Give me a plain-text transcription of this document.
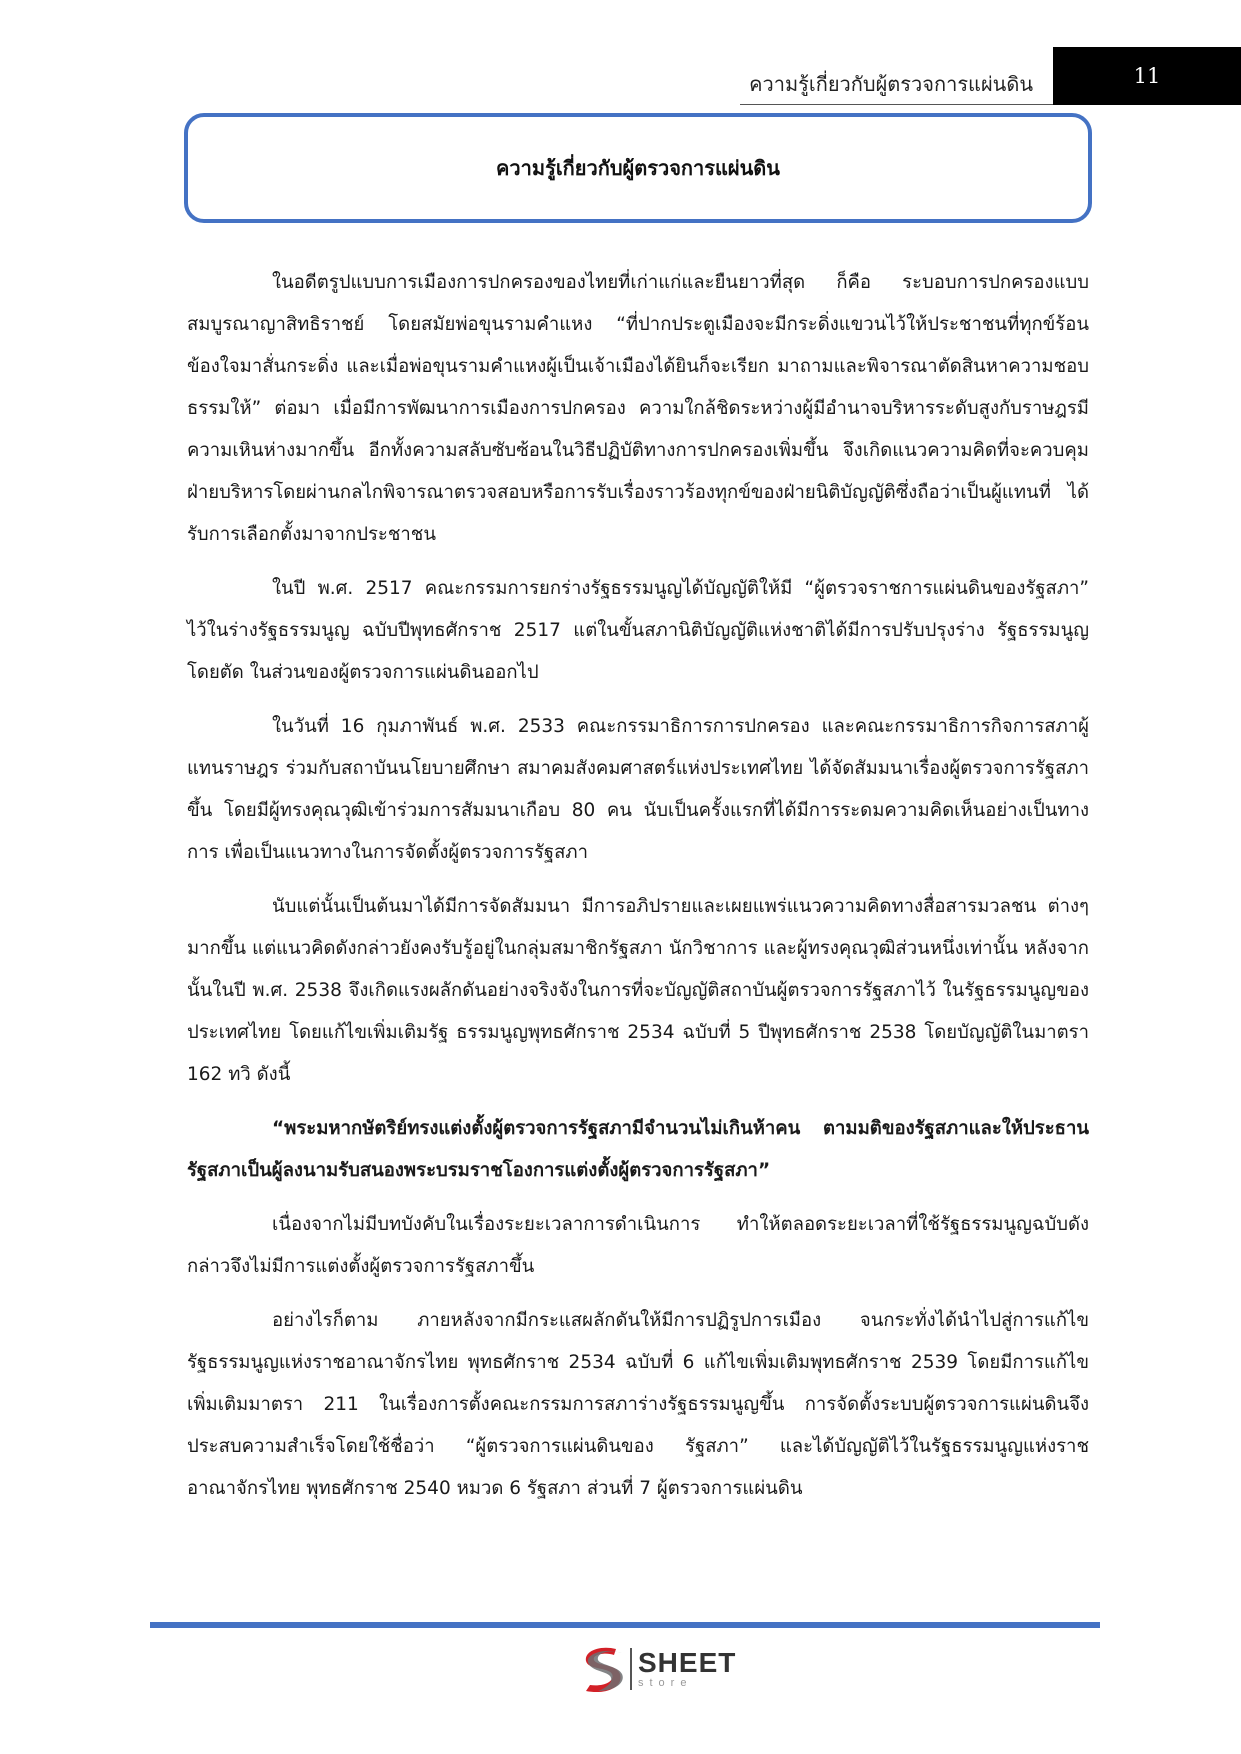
ความรู้เกี่ยวกับผู้ตรวจการแผ่นดิน	11
ความรู้เกี่ยวกับผู้ตรวจการแผ่นดิน

ในอดีตรูปแบบการเมืองการปกครองของไทยที่เก่าแก่และยืนยาวที่สุด ก็คือ ระบอบการปกครองแบบสมบูรณาญาสิทธิราชย์ โดยสมัยพ่อขุนรามคำแหง “ที่ปากประตูเมืองจะมีกระดิ่งแขวนไว้ให้ประชาชนที่ทุกข์ร้อนข้องใจมาสั่นกระดิ่ง และเมื่อพ่อขุนรามคำแหงผู้เป็นเจ้าเมืองได้ยินก็จะเรียก มาถามและพิจารณาตัดสินหาความชอบธรรมให้” ต่อมา เมื่อมีการพัฒนาการเมืองการปกครอง ความใกล้ชิดระหว่างผู้มีอำนาจบริหารระดับสูงกับราษฎรมีความเหินห่างมากขึ้น อีกทั้งความสลับซับซ้อนในวิธีปฏิบัติทางการปกครองเพิ่มขึ้น จึงเกิดแนวความคิดที่จะควบคุมฝ่ายบริหารโดยผ่านกลไกพิจารณาตรวจสอบหรือการรับเรื่องราวร้องทุกข์ของฝ่ายนิติบัญญัติซึ่งถือว่าเป็นผู้แทนที่ ได้รับการเลือกตั้งมาจากประชาชน

ในปี พ.ศ. 2517 คณะกรรมการยกร่างรัฐธรรมนูญได้บัญญัติให้มี “ผู้ตรวจราชการแผ่นดินของรัฐสภา” ไว้ในร่างรัฐธรรมนูญ ฉบับปีพุทธศักราช 2517 แต่ในขั้นสภานิติบัญญัติแห่งชาติได้มีการปรับปรุงร่าง รัฐธรรมนูญโดยตัด ในส่วนของผู้ตรวจการแผ่นดินออกไป

ในวันที่ 16 กุมภาพันธ์ พ.ศ. 2533 คณะกรรมาธิการการปกครอง และคณะกรรมาธิการกิจการสภาผู้แทนราษฎร ร่วมกับสถาบันนโยบายศึกษา สมาคมสังคมศาสตร์แห่งประเทศไทย ได้จัดสัมมนาเรื่องผู้ตรวจการรัฐสภาขึ้น โดยมีผู้ทรงคุณวุฒิเข้าร่วมการสัมมนาเกือบ 80 คน นับเป็นครั้งแรกที่ได้มีการระดมความคิดเห็นอย่างเป็นทาง การ เพื่อเป็นแนวทางในการจัดตั้งผู้ตรวจการรัฐสภา

นับแต่นั้นเป็นต้นมาได้มีการจัดสัมมนา มีการอภิปรายและเผยแพร่แนวความคิดทางสื่อสารมวลชน ต่างๆ มากขึ้น แต่แนวคิดดังกล่าวยังคงรับรู้อยู่ในกลุ่มสมาชิกรัฐสภา นักวิชาการ และผู้ทรงคุณวุฒิส่วนหนึ่งเท่านั้น หลังจากนั้นในปี พ.ศ. 2538 จึงเกิดแรงผลักดันอย่างจริงจังในการที่จะบัญญัติสถาบันผู้ตรวจการรัฐสภาไว้ ในรัฐธรรมนูญของประเทศไทย โดยแก้ไขเพิ่มเติมรัฐ ธรรมนูญพุทธศักราช 2534 ฉบับที่ 5 ปีพุทธศักราช 2538 โดยบัญญัติในมาตรา 162 ทวิ ดังนี้

“พระมหากษัตริย์ทรงแต่งตั้งผู้ตรวจการรัฐสภามีจำนวนไม่เกินห้าคน ตามมติของรัฐสภาและให้ประธานรัฐสภาเป็นผู้ลงนามรับสนองพระบรมราชโองการแต่งตั้งผู้ตรวจการรัฐสภา”

เนื่องจากไม่มีบทบังคับในเรื่องระยะเวลาการดำเนินการ ทำให้ตลอดระยะเวลาที่ใช้รัฐธรรมนูญฉบับดังกล่าวจึงไม่มีการแต่งตั้งผู้ตรวจการรัฐสภาขึ้น

อย่างไรก็ตาม ภายหลังจากมีกระแสผลักดันให้มีการปฏิรูปการเมือง จนกระทั่งได้นำไปสู่การแก้ไขรัฐธรรมนูญแห่งราชอาณาจักรไทย พุทธศักราช 2534 ฉบับที่ 6 แก้ไขเพิ่มเติมพุทธศักราช 2539 โดยมีการแก้ไขเพิ่มเติมมาตรา 211 ในเรื่องการตั้งคณะกรรมการสภาร่างรัฐธรรมนูญขึ้น การจัดตั้งระบบผู้ตรวจการแผ่นดินจึงประสบความสำเร็จโดยใช้ชื่อว่า “ผู้ตรวจการแผ่นดินของ รัฐสภา” และได้บัญญัติไว้ในรัฐธรรมนูญแห่งราชอาณาจักรไทย พุทธศักราช 2540 หมวด 6 รัฐสภา ส่วนที่ 7 ผู้ตรวจการแผ่นดิน

SHEET
store
